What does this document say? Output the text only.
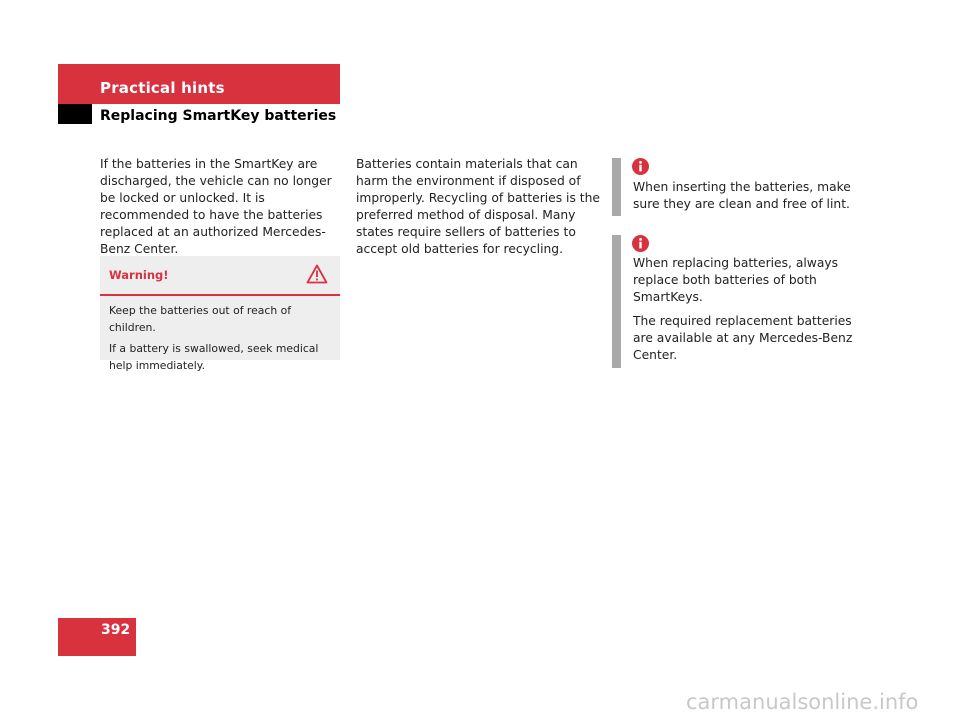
Practical hints
Replacing SmartKey batteries

If the batteries in the SmartKey are discharged, the vehicle can no longer be locked or unlocked. It is recommended to have the batteries replaced at an authorized Mercedes-Benz Center.

Batteries contain materials that can harm the environment if disposed of improperly. Recycling of batteries is the preferred method of disposal. Many states require sellers of batteries to accept old batteries for recycling.

Warning!

Keep the batteries out of reach of children.

If a battery is swallowed, seek medical help immediately.

When inserting the batteries, make sure they are clean and free of lint.

When replacing batteries, always replace both batteries of both SmartKeys.

The required replacement batteries are available at any Mercedes-Benz Center.

392
carmanualsonline.info
